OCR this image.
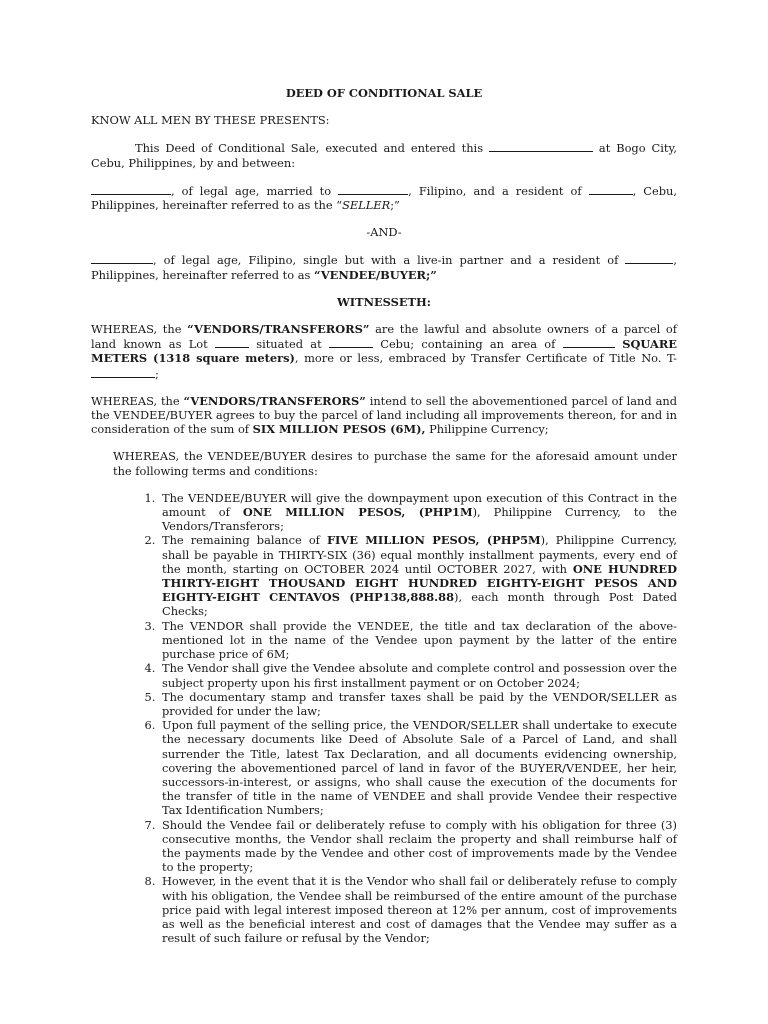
DEED OF CONDITIONAL SALE

KNOW ALL MEN BY THESE PRESENTS:

This Deed of Conditional Sale, executed and entered this	at Bogo City, Cebu, Philippines, by and between:

, of legal age, married to	, Filipino, and a resident of	, Cebu, Philippines, hereinafter referred to as the “SELLER;”

-AND-

, of legal age, Filipino, single but with a live-in partner and a resident of	, Philippines, hereinafter referred to as “VENDEE/BUYER;”

WITNESSETH:

WHEREAS, the “VENDORS/TRANSFERORS” are the lawful and absolute owners of a parcel of land known as Lot	situated at	Cebu; containing an area of	SQUARE METERS (1318 square meters), more or less, embraced by Transfer Certificate of Title No. T-;

WHEREAS, the “VENDORS/TRANSFERORS” intend to sell the abovementioned parcel of land and the VENDEE/BUYER agrees to buy the parcel of land including all improvements thereon, for and in consideration of the sum of SIX MILLION PESOS (6M), Philippine Currency;

WHEREAS, the VENDEE/BUYER desires to purchase the same for the aforesaid amount under the following terms and conditions:

1. The VENDEE/BUYER will give the downpayment upon execution of this Contract in the amount of ONE MILLION PESOS, (PHP1M), Philippine Currency, to the Vendors/Transferors;
2. The remaining balance of FIVE MILLION PESOS, (PHP5M), Philippine Currency, shall be payable in THIRTY-SIX (36) equal monthly installment payments, every end of the month, starting on OCTOBER 2024 until OCTOBER 2027, with ONE HUNDRED THIRTY-EIGHT THOUSAND EIGHT HUNDRED EIGHTY-EIGHT PESOS AND EIGHTY-EIGHT CENTAVOS (PHP138,888.88), each month through Post Dated Checks;
3. The VENDOR shall provide the VENDEE, the title and tax declaration of the above-mentioned lot in the name of the Vendee upon payment by the latter of the entire purchase price of 6M;
4. The Vendor shall give the Vendee absolute and complete control and possession over the subject property upon his first installment payment or on October 2024;
5. The documentary stamp and transfer taxes shall be paid by the VENDOR/SELLER as provided for under the law;
6. Upon full payment of the selling price, the VENDOR/SELLER shall undertake to execute the necessary documents like Deed of Absolute Sale of a Parcel of Land, and shall surrender the Title, latest Tax Declaration, and all documents evidencing ownership, covering the abovementioned parcel of land in favor of the BUYER/VENDEE, her heir, successors-in-interest, or assigns, who shall cause the execution of the documents for the transfer of title in the name of VENDEE and shall provide Vendee their respective Tax Identification Numbers;
7. Should the Vendee fail or deliberately refuse to comply with his obligation for three (3) consecutive months, the Vendor shall reclaim the property and shall reimburse half of the payments made by the Vendee and other cost of improvements made by the Vendee to the property;
8. However, in the event that it is the Vendor who shall fail or deliberately refuse to comply with his obligation, the Vendee shall be reimbursed of the entire amount of the purchase price paid with legal interest imposed thereon at 12% per annum, cost of improvements as well as the beneficial interest and cost of damages that the Vendee may suffer as a result of such failure or refusal by the Vendor;
